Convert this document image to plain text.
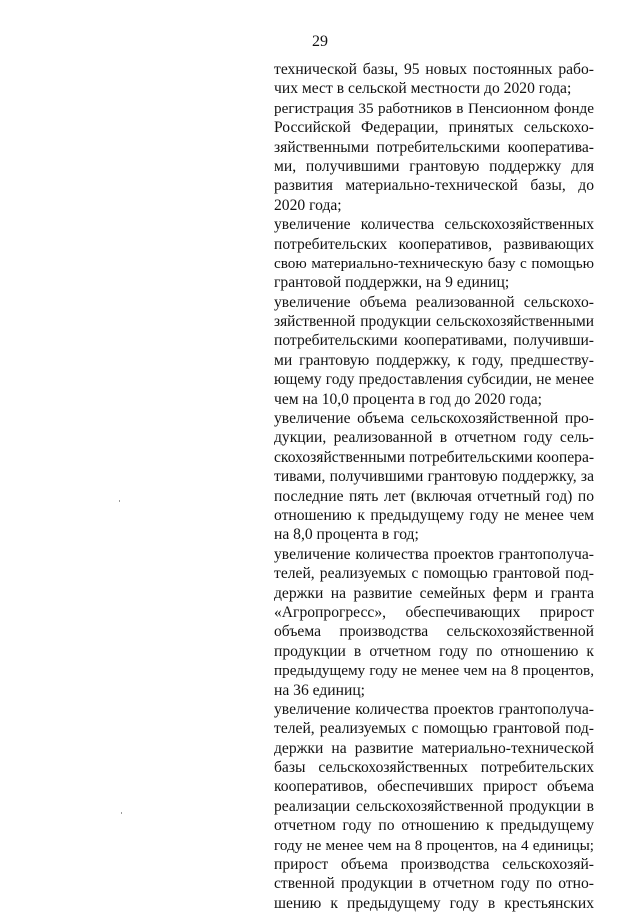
29
технической базы, 95 новых постоянных рабо-
чих мест в сельской местности до 2020 года;
регистрация 35 работников в Пенсионном фонде
Российской Федерации, принятых сельскохо-
зяйственными потребительскими кооператива-
ми, получившими грантовую поддержку для
развития материально-технической базы, до
2020 года;
увеличение количества сельскохозяйственных
потребительских кооперативов, развивающих
свою материально-техническую базу с помощью
грантовой поддержки, на 9 единиц;
увеличение объема реализованной сельскохо-
зяйственной продукции сельскохозяйственными
потребительскими кооперативами, получивши-
ми грантовую поддержку, к году, предшеству-
ющему году предоставления субсидии, не менее
чем на 10,0 процента в год до 2020 года;
увеличение объема сельскохозяйственной про-
дукции, реализованной в отчетном году сель-
скохозяйственными потребительскими коопера-
тивами, получившими грантовую поддержку, за
последние пять лет (включая отчетный год) по
отношению к предыдущему году не менее чем
на 8,0 процента в год;
увеличение количества проектов грантополуча-
телей, реализуемых с помощью грантовой под-
держки на развитие семейных ферм и гранта
«Агропрогресс», обеспечивающих прирост
объема производства сельскохозяйственной
продукции в отчетном году по отношению к
предыдущему году не менее чем на 8 процентов,
на 36 единиц;
увеличение количества проектов грантополуча-
телей, реализуемых с помощью грантовой под-
держки на развитие материально-технической
базы сельскохозяйственных потребительских
кооперативов, обеспечивших прирост объема
реализации сельскохозяйственной продукции в
отчетном году по отношению к предыдущему
году не менее чем на 8 процентов, на 4 единицы;
прирост объема производства сельскохозяй-
ственной продукции в отчетном году по отно-
шению к предыдущему году в крестьянских
